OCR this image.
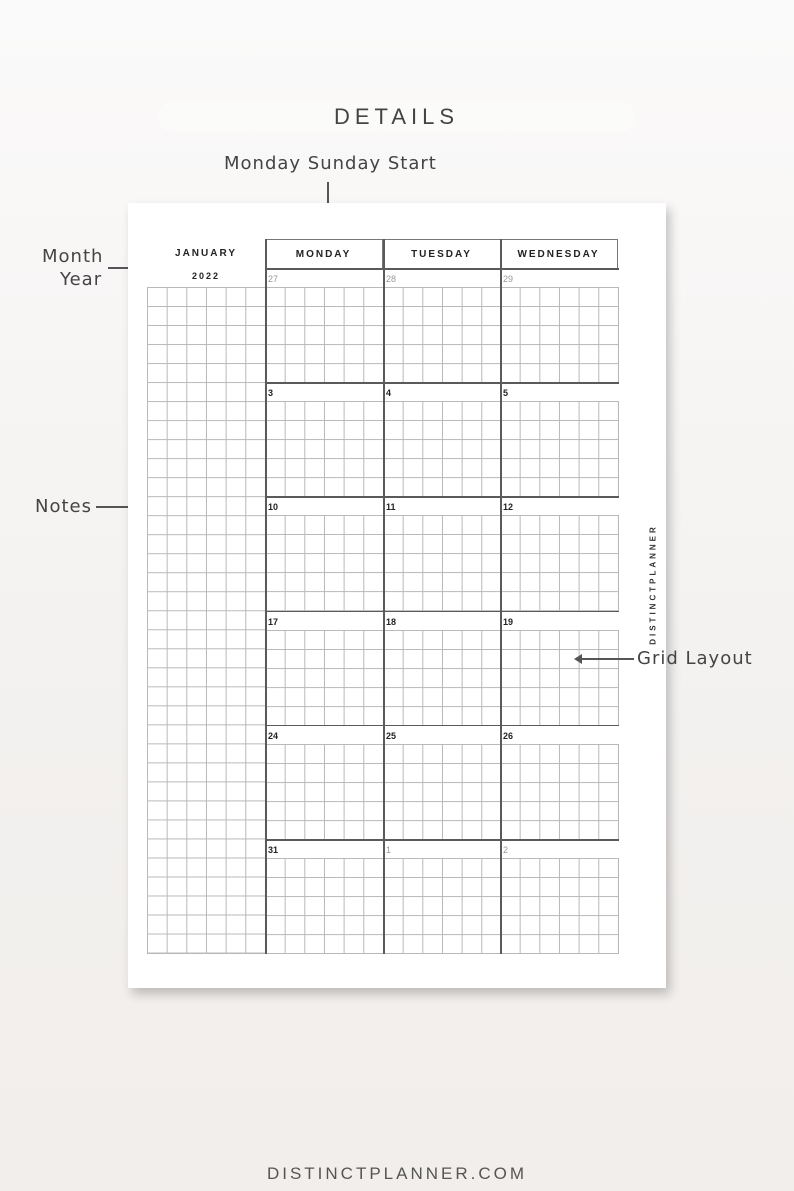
DETAILS
Monday Sunday Start
Month
Year
Notes
JANUARY
2022
MONDAY	TUESDAY	WEDNESDAY
27	28	29
3	4	5
10	11	12
17	18	19
24	25	26
31	1	2
Grid Layout
DISTINCTPLANNER
DISTINCTPLANNER.COM
